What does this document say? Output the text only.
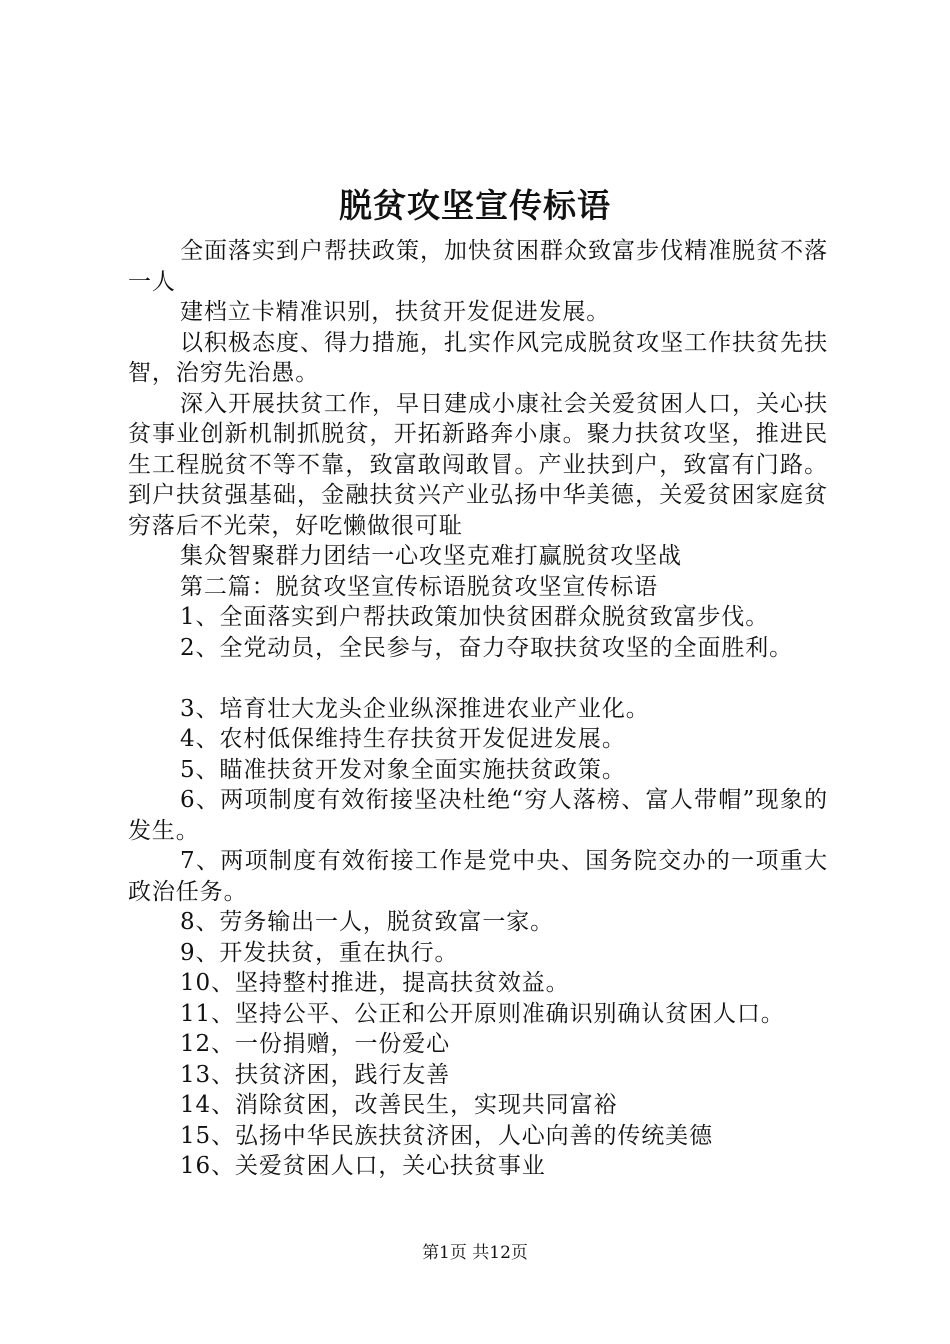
脱贫攻坚宣传标语

全面落实到户帮扶政策，加快贫困群众致富步伐精准脱贫不落一人

建档立卡精准识别，扶贫开发促进发展。

以积极态度、得力措施，扎实作风完成脱贫攻坚工作扶贫先扶智，治穷先治愚。

深入开展扶贫工作，早日建成小康社会关爱贫困人口，关心扶贫事业创新机制抓脱贫，开拓新路奔小康。聚力扶贫攻坚，推进民生工程脱贫不等不靠，致富敢闯敢冒。产业扶到户，致富有门路。到户扶贫强基础，金融扶贫兴产业弘扬中华美德，关爱贫困家庭贫穷落后不光荣，好吃懒做很可耻

集众智聚群力团结一心攻坚克难打赢脱贫攻坚战

第二篇：脱贫攻坚宣传标语脱贫攻坚宣传标语

1、全面落实到户帮扶政策加快贫困群众脱贫致富步伐。

2、全党动员，全民参与，奋力夺取扶贫攻坚的全面胜利。

3、培育壮大龙头企业纵深推进农业产业化。

4、农村低保维持生存扶贫开发促进发展。

5、瞄准扶贫开发对象全面实施扶贫政策。

6、两项制度有效衔接坚决杜绝“穷人落榜、富人带帽”现象的发生。

7、两项制度有效衔接工作是党中央、国务院交办的一项重大政治任务。

8、劳务输出一人，脱贫致富一家。

9、开发扶贫，重在执行。

10、坚持整村推进，提高扶贫效益。

11、坚持公平、公正和公开原则准确识别确认贫困人口。

12、一份捐赠，一份爱心

13、扶贫济困，践行友善

14、消除贫困，改善民生，实现共同富裕

15、弘扬中华民族扶贫济困，人心向善的传统美德

16、关爱贫困人口，关心扶贫事业

第1页 共12页
